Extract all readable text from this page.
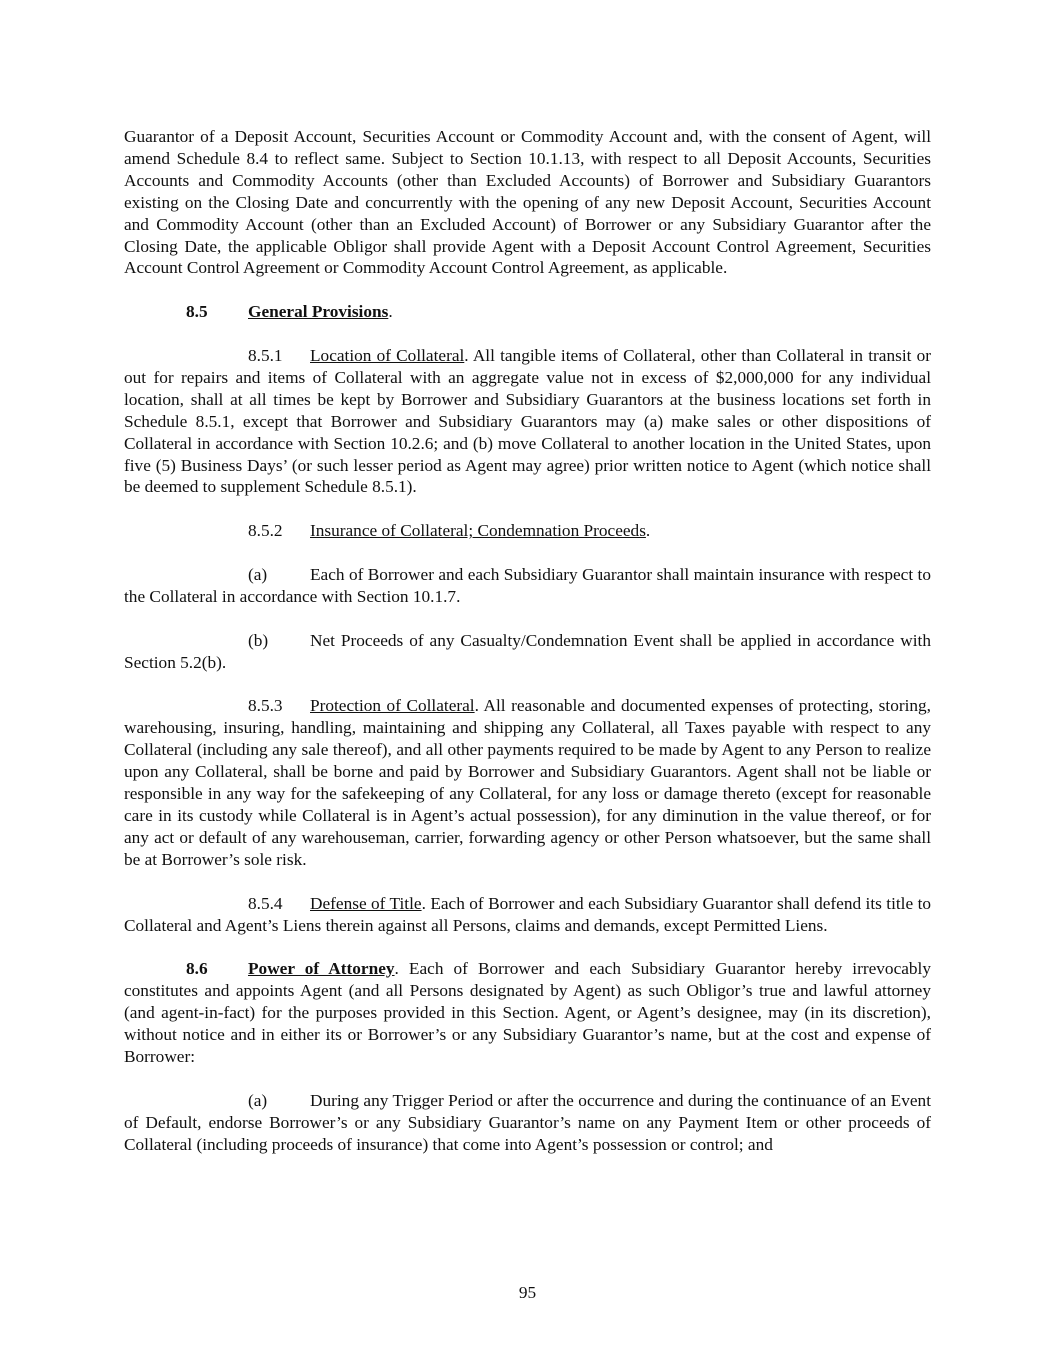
Guarantor of a Deposit Account, Securities Account or Commodity Account and, with the consent of Agent, will amend Schedule 8.4 to reflect same. Subject to Section 10.1.13, with respect to all Deposit Accounts, Securities Accounts and Commodity Accounts (other than Excluded Accounts) of Borrower and Subsidiary Guarantors existing on the Closing Date and concurrently with the opening of any new Deposit Account, Securities Account and Commodity Account (other than an Excluded Account) of Borrower or any Subsidiary Guarantor after the Closing Date, the applicable Obligor shall provide Agent with a Deposit Account Control Agreement, Securities Account Control Agreement or Commodity Account Control Agreement, as applicable.

8.5 General Provisions.

8.5.1 Location of Collateral. All tangible items of Collateral, other than Collateral in transit or out for repairs and items of Collateral with an aggregate value not in excess of $2,000,000 for any individual location, shall at all times be kept by Borrower and Subsidiary Guarantors at the business locations set forth in Schedule 8.5.1, except that Borrower and Subsidiary Guarantors may (a) make sales or other dispositions of Collateral in accordance with Section 10.2.6; and (b) move Collateral to another location in the United States, upon five (5) Business Days’ (or such lesser period as Agent may agree) prior written notice to Agent (which notice shall be deemed to supplement Schedule 8.5.1).

8.5.2 Insurance of Collateral; Condemnation Proceeds.

(a) Each of Borrower and each Subsidiary Guarantor shall maintain insurance with respect to the Collateral in accordance with Section 10.1.7.

(b) Net Proceeds of any Casualty/Condemnation Event shall be applied in accordance with Section 5.2(b).

8.5.3 Protection of Collateral. All reasonable and documented expenses of protecting, storing, warehousing, insuring, handling, maintaining and shipping any Collateral, all Taxes payable with respect to any Collateral (including any sale thereof), and all other payments required to be made by Agent to any Person to realize upon any Collateral, shall be borne and paid by Borrower and Subsidiary Guarantors. Agent shall not be liable or responsible in any way for the safekeeping of any Collateral, for any loss or damage thereto (except for reasonable care in its custody while Collateral is in Agent’s actual possession), for any diminution in the value thereof, or for any act or default of any warehouseman, carrier, forwarding agency or other Person whatsoever, but the same shall be at Borrower’s sole risk.

8.5.4 Defense of Title. Each of Borrower and each Subsidiary Guarantor shall defend its title to Collateral and Agent’s Liens therein against all Persons, claims and demands, except Permitted Liens.

8.6 Power of Attorney. Each of Borrower and each Subsidiary Guarantor hereby irrevocably constitutes and appoints Agent (and all Persons designated by Agent) as such Obligor’s true and lawful attorney (and agent-in-fact) for the purposes provided in this Section. Agent, or Agent’s designee, may (in its discretion), without notice and in either its or Borrower’s or any Subsidiary Guarantor’s name, but at the cost and expense of Borrower:

(a) During any Trigger Period or after the occurrence and during the continuance of an Event of Default, endorse Borrower’s or any Subsidiary Guarantor’s name on any Payment Item or other proceeds of Collateral (including proceeds of insurance) that come into Agent’s possession or control; and

95
